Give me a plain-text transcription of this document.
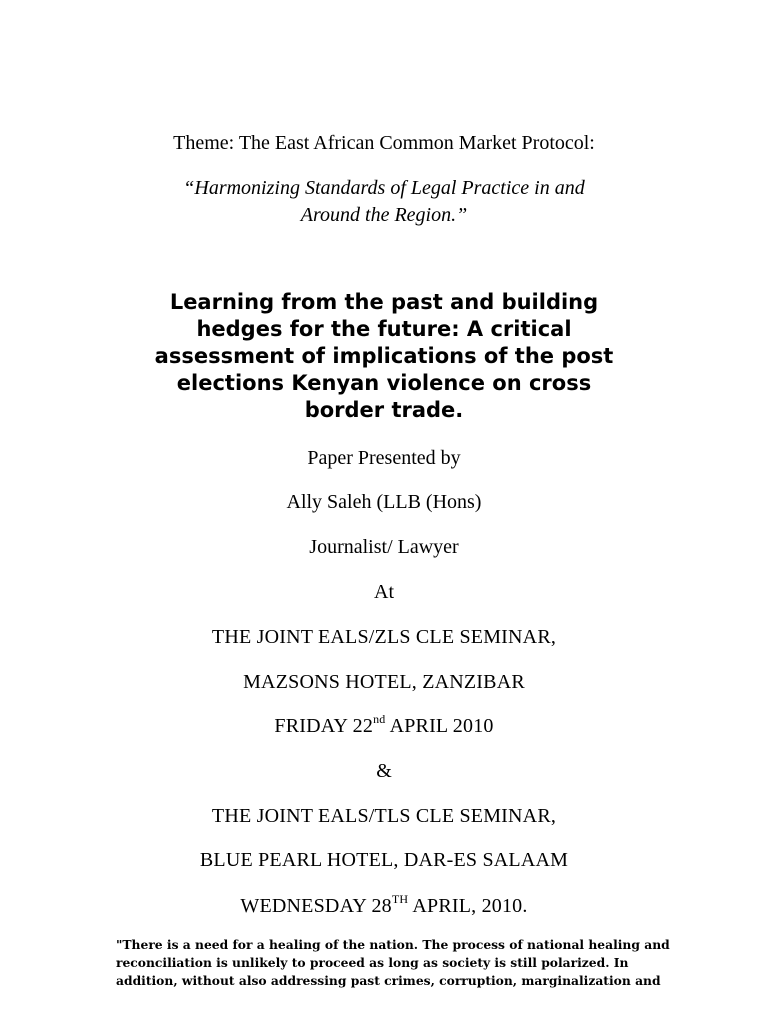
Theme: The East African Common Market Protocol:
“Harmonizing Standards of Legal Practice in and
Around the Region.”
Learning from the past and building
hedges for the future: A critical
assessment of implications of the post
elections Kenyan violence on cross
border trade.
Paper Presented by
Ally Saleh (LLB (Hons)
Journalist/ Lawyer
At
THE JOINT EALS/ZLS CLE SEMINAR,
MAZSONS HOTEL, ZANZIBAR
FRIDAY 22nd APRIL 2010
&
THE JOINT EALS/TLS CLE SEMINAR,
BLUE PEARL HOTEL, DAR-ES SALAAM
WEDNESDAY 28TH APRIL, 2010.
"There is a need for a healing of the nation. The process of national healing and
reconciliation is unlikely to proceed as long as society is still polarized. In
addition, without also addressing past crimes, corruption, marginalization and
